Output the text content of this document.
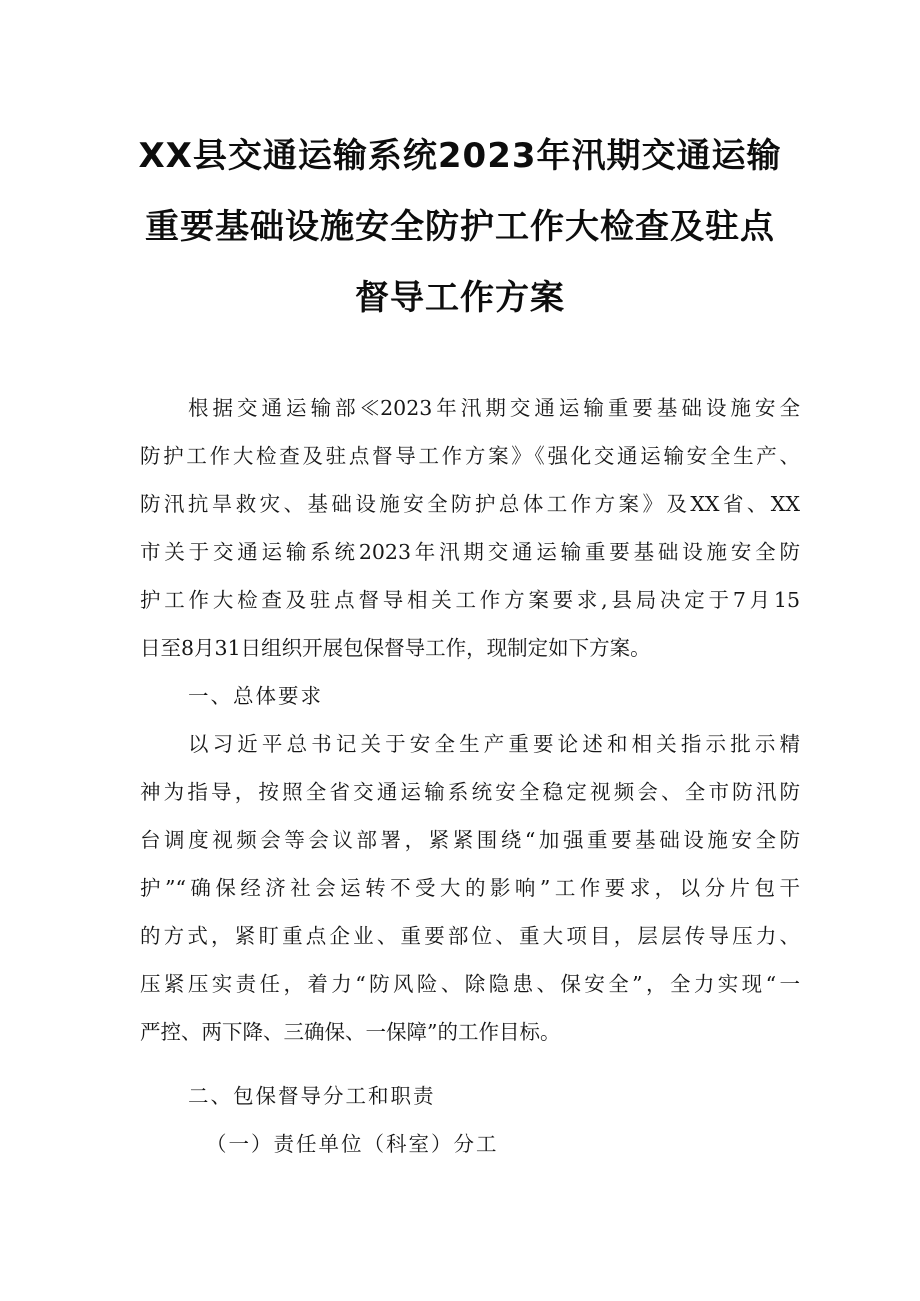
XX县交通运输系统2023年汛期交通运输
重要基础设施安全防护工作大检查及驻点
督导工作方案
根据交通运输部≪2023年汛期交通运输重要基础设施安全
防护工作大检查及驻点督导工作方案》《强化交通运输安全生产、
防汛抗旱救灾、基础设施安全防护总体工作方案》及XX省、XX
市关于交通运输系统2023年汛期交通运输重要基础设施安全防
护工作大检查及驻点督导相关工作方案要求,县局决定于7月15
日至8月31日组织开展包保督导工作，现制定如下方案。
一、总体要求
以习近平总书记关于安全生产重要论述和相关指示批示精
神为指导，按照全省交通运输系统安全稳定视频会、全市防汛防
台调度视频会等会议部署，紧紧围绕“加强重要基础设施安全防
护”“确保经济社会运转不受大的影响”工作要求，以分片包干
的方式，紧盯重点企业、重要部位、重大项目，层层传导压力、
压紧压实责任，着力“防风险、除隐患、保安全”，全力实现“一
严控、两下降、三确保、一保障”的工作目标。
二、包保督导分工和职责
（一）责任单位（科室）分工
